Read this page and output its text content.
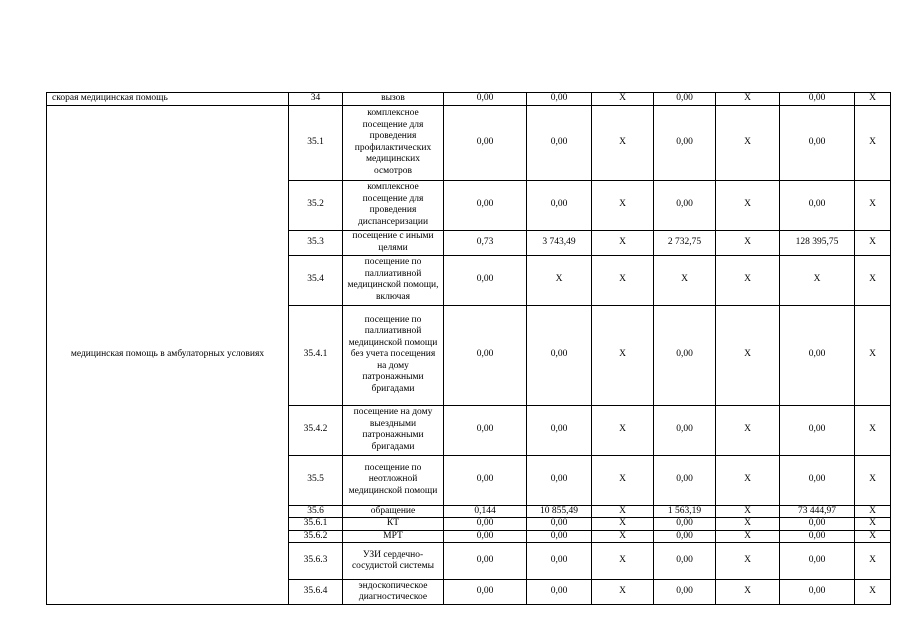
скорая медицинская помощь	34	вызов	0,00	0,00	Х	0,00	Х	0,00	Х
медицинская помощь в амбулаторных условиях	35.1	комплексное посещение для проведения профилактических медицинских осмотров	0,00	0,00	Х	0,00	Х	0,00	Х
	35.2	комплексное посещение для проведения диспансеризации	0,00	0,00	Х	0,00	Х	0,00	Х
	35.3	посещение с иными целями	0,73	3 743,49	Х	2 732,75	Х	128 395,75	Х
	35.4	посещение по паллиативной медицинской помощи, включая	0,00	Х	Х	Х	Х	Х	Х
	35.4.1	посещение по паллиативной медицинской помощи без учета посещения на дому патронажными бригадами	0,00	0,00	Х	0,00	Х	0,00	Х
	35.4.2	посещение на дому выездными патронажными бригадами	0,00	0,00	Х	0,00	Х	0,00	Х
	35.5	посещение по неотложной медицинской помощи	0,00	0,00	Х	0,00	Х	0,00	Х
	35.6	обращение	0,144	10 855,49	Х	1 563,19	Х	73 444,97	Х
	35.6.1	КТ	0,00	0,00	Х	0,00	Х	0,00	Х
	35.6.2	МРТ	0,00	0,00	Х	0,00	Х	0,00	Х
	35.6.3	УЗИ сердечно-сосудистой системы	0,00	0,00	Х	0,00	Х	0,00	Х
	35.6.4	эндоскопическое диагностическое	0,00	0,00	Х	0,00	Х	0,00	Х
